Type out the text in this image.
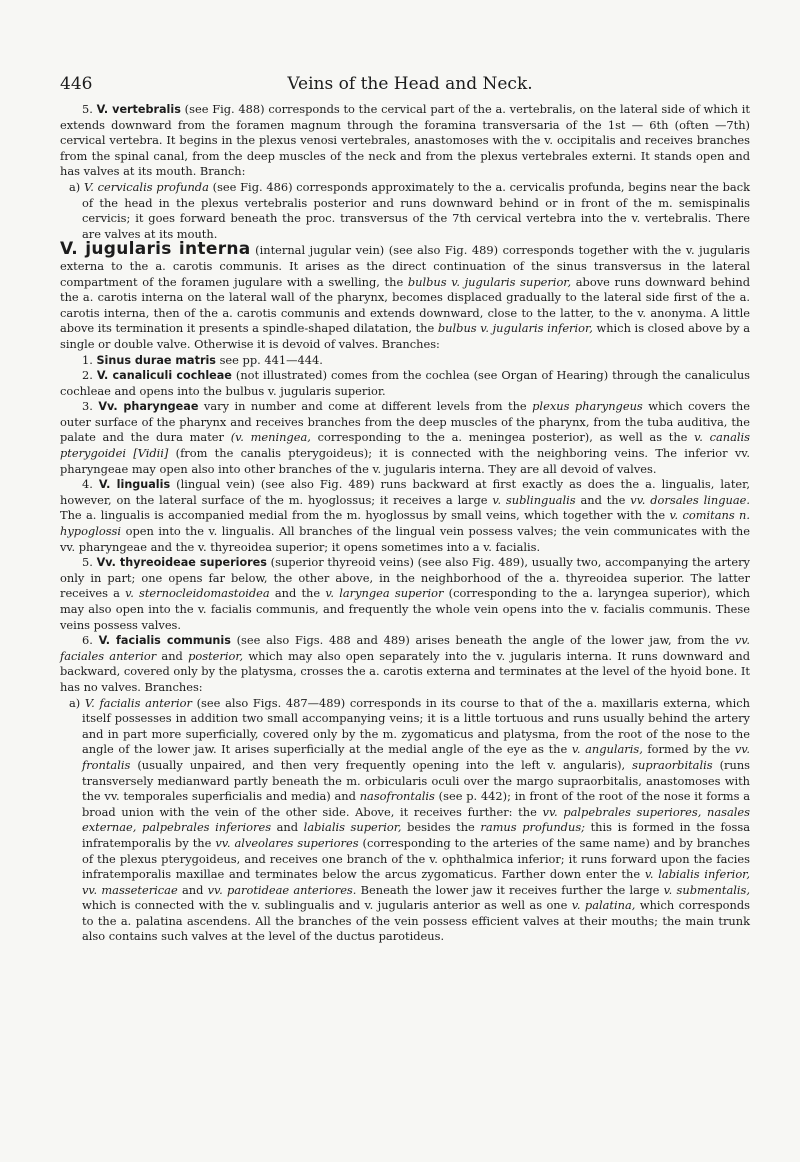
446	Veins of the Head and Neck.

5. V. vertebralis (see Fig. 488) corresponds to the cervical part of the a. vertebralis, on the lateral side of which it extends downward from the foramen magnum through the foramina transversaria of the 1st — 6th (often —7th) cervical vertebra. It begins in the plexus venosi vertebrales, anastomoses with the v. occipitalis and receives branches from the spinal canal, from the deep muscles of the neck and from the plexus vertebrales externi. It stands open and has valves at its mouth. Branch:

a) V. cervicalis profunda (see Fig. 486) corresponds approximately to the a. cervicalis profunda, begins near the back of the head in the plexus vertebralis posterior and runs downward behind or in front of the m. semispinalis cervicis; it goes forward beneath the proc. transversus of the 7th cervical vertebra into the v. vertebralis. There are valves at its mouth.

V. jugularis interna (internal jugular vein) (see also Fig. 489) corresponds together with the v. jugularis externa to the a. carotis communis. It arises as the direct continuation of the sinus transversus in the lateral compartment of the foramen jugulare with a swelling, the bulbus v. jugularis superior, above runs downward behind the a. carotis interna on the lateral wall of the pharynx, becomes displaced gradually to the lateral side first of the a. carotis interna, then of the a. carotis communis and extends downward, close to the latter, to the v. anonyma. A little above its termination it presents a spindle-shaped dilatation, the bulbus v. jugularis inferior, which is closed above by a single or double valve. Otherwise it is devoid of valves. Branches:

1. Sinus durae matris see pp. 441—444.

2. V. canaliculi cochleae (not illustrated) comes from the cochlea (see Organ of Hearing) through the canaliculus cochleae and opens into the bulbus v. jugularis superior.

3. Vv. pharyngeae vary in number and come at different levels from the plexus pharyngeus which covers the outer surface of the pharynx and receives branches from the deep muscles of the pharynx, from the tuba auditiva, the palate and the dura mater (v. meningea, corresponding to the a. meningea posterior), as well as the v. canalis pterygoidei [Vidii] (from the canalis pterygoideus); it is connected with the neighboring veins. The inferior vv. pharyngeae may open also into other branches of the v. jugularis interna. They are all devoid of valves.

4. V. lingualis (lingual vein) (see also Fig. 489) runs backward at first exactly as does the a. lingualis, later, however, on the lateral surface of the m. hyoglossus; it receives a large v. sublingualis and the vv. dorsales linguae. The a. lingualis is accompanied medial from the m. hyoglossus by small veins, which together with the v. comitans n. hypoglossi open into the v. lingualis. All branches of the lingual vein possess valves; the vein communicates with the vv. pharyngeae and the v. thyreoidea superior; it opens sometimes into a v. facialis.

5. Vv. thyreoideae superiores (superior thyreoid veins) (see also Fig. 489), usually two, accompanying the artery only in part; one opens far below, the other above, in the neighborhood of the a. thyreoidea superior. The latter receives a v. sternocleidomastoidea and the v. laryngea superior (corresponding to the a. laryngea superior), which may also open into the v. facialis communis, and frequently the whole vein opens into the v. facialis communis. These veins possess valves.

6. V. facialis communis (see also Figs. 488 and 489) arises beneath the angle of the lower jaw, from the vv. faciales anterior and posterior, which may also open separately into the v. jugularis interna. It runs downward and backward, covered only by the platysma, crosses the a. carotis externa and terminates at the level of the hyoid bone. It has no valves. Branches:

a) V. facialis anterior (see also Figs. 487—489) corresponds in its course to that of the a. maxillaris externa, which itself possesses in addition two small accompanying veins; it is a little tortuous and runs usually behind the artery and in part more superficially, covered only by the m. zygomaticus and platysma, from the root of the nose to the angle of the lower jaw. It arises superficially at the medial angle of the eye as the v. angularis, formed by the vv. frontalis (usually unpaired, and then very frequently opening into the left v. angularis), supraorbitalis (runs transversely medianward partly beneath the m. orbicularis oculi over the margo supraorbitalis, anastomoses with the vv. temporales superficialis and media) and nasofrontalis (see p. 442); in front of the root of the nose it forms a broad union with the vein of the other side. Above, it receives further: the vv. palpebrales superiores, nasales externae, palpebrales inferiores and labialis superior, besides the ramus profundus; this is formed in the fossa infratemporalis by the vv. alveolares superiores (corresponding to the arteries of the same name) and by branches of the plexus pterygoideus, and receives one branch of the v. ophthalmica inferior; it runs forward upon the facies infratemporalis maxillae and terminates below the arcus zygomaticus. Farther down enter the v. labialis inferior, vv. massetericae and vv. parotideae anteriores. Beneath the lower jaw it receives further the large v. submentalis, which is connected with the v. sublingualis and v. jugularis anterior as well as one v. palatina, which corresponds to the a. palatina ascendens. All the branches of the vein possess efficient valves at their mouths; the main trunk also contains such valves at the level of the ductus parotideus.
